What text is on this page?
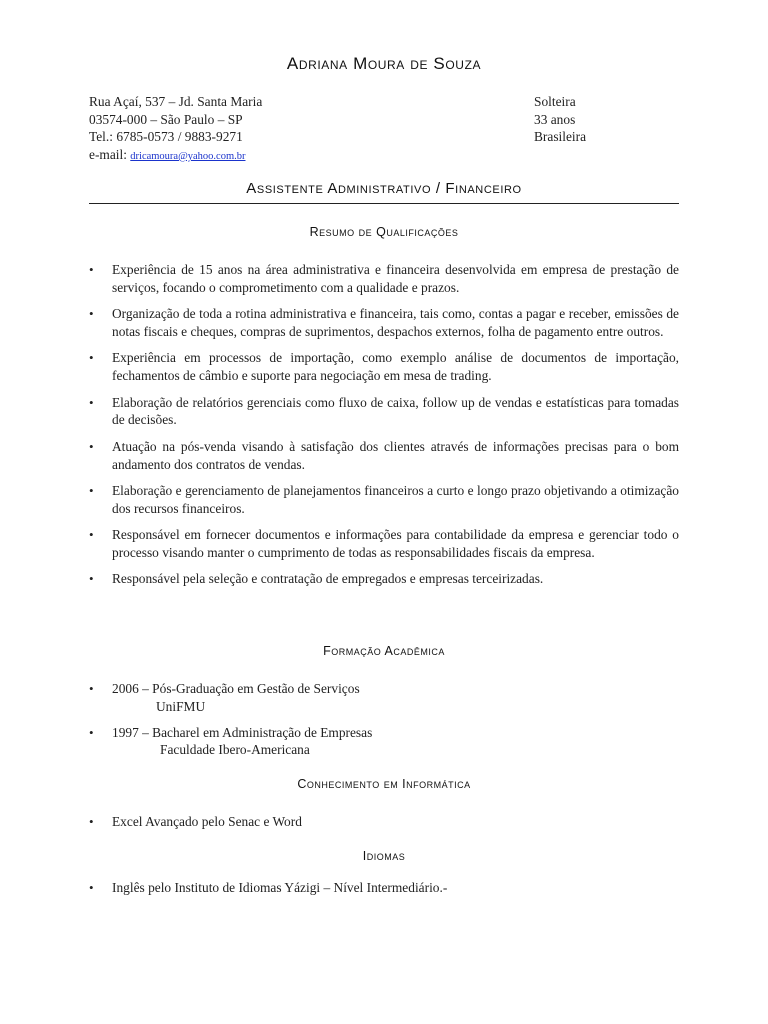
Adriana Moura de Souza
Rua Açaí, 537 – Jd. Santa Maria
03574-000 – São Paulo – SP
Tel.: 6785-0573 / 9883-9271
e-mail: dricamoura@yahoo.com.br
Solteira
33 anos
Brasileira
Assistente Administrativo / Financeiro
Resumo de Qualificações
• Experiência de 15 anos na área administrativa e financeira desenvolvida em empresa de prestação de serviços, focando o comprometimento com a qualidade e prazos.
• Organização de toda a rotina administrativa e financeira, tais como, contas a pagar e receber, emissões de notas fiscais e cheques, compras de suprimentos, despachos externos, folha de pagamento entre outros.
• Experiência em processos de importação, como exemplo análise de documentos de importação, fechamentos de câmbio e suporte para negociação em mesa de trading.
• Elaboração de relatórios gerenciais como fluxo de caixa, follow up de vendas e estatísticas para tomadas de decisões.
• Atuação na pós-venda visando à satisfação dos clientes através de informações precisas para o bom andamento dos contratos de vendas.
• Elaboração e gerenciamento de planejamentos financeiros a curto e longo prazo objetivando a otimização dos recursos financeiros.
• Responsável em fornecer documentos e informações para contabilidade da empresa e gerenciar todo o processo visando manter o cumprimento de todas as responsabilidades fiscais da empresa.
• Responsável pela seleção e contratação de empregados e empresas terceirizadas.
Formação Acadêmica
• 2006 – Pós-Graduação em Gestão de Serviços
UniFMU
• 1997 – Bacharel em Administração de Empresas
Faculdade Ibero-Americana
Conhecimento em Informática
• Excel Avançado pelo Senac e Word
Idiomas
• Inglês pelo Instituto de Idiomas Yázigi – Nível Intermediário.-
